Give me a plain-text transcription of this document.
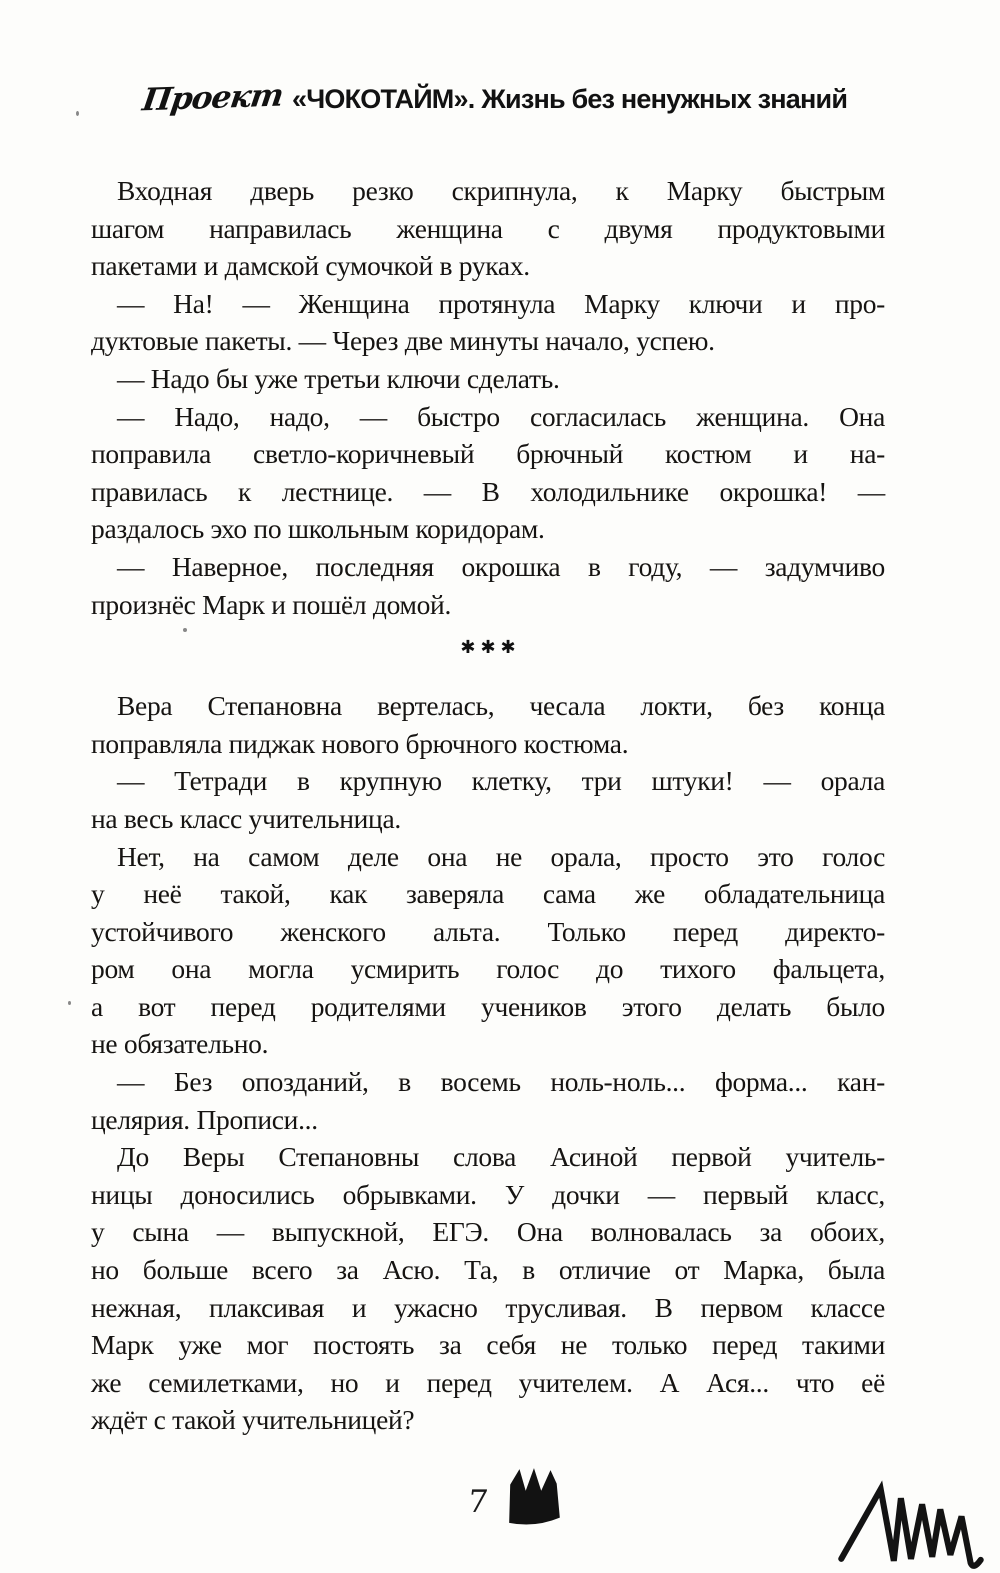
Проект «ЧОКОТАЙМ». Жизнь без ненужных знаний
Входная дверь резко скрипнула, к Марку быстрым
шагом направилась женщина с двумя продуктовыми
пакетами и дамской сумочкой в руках.
— На! — Женщина протянула Марку ключи и про-
дуктовые пакеты. — Через две минуты начало, успею.
— Надо бы уже третьи ключи сделать.
— Надо, надо, — быстро согласилась женщина. Она
поправила светло-коричневый брючный костюм и на-
правилась к лестнице. — В холодильнике окрошка! —
раздалось эхо по школьным коридорам.
— Наверное, последняя окрошка в году, — задумчиво
произнёс Марк и пошёл домой.
✱✱✱
Вера Степановна вертелась, чесала локти, без конца
поправляла пиджак нового брючного костюма.
— Тетради в крупную клетку, три штуки! — орала
на весь класс учительница.
Нет, на самом деле она не орала, просто это голос
у неё такой, как заверяла сама же обладательница
устойчивого женского альта. Только перед директо-
ром она могла усмирить голос до тихого фальцета,
а вот перед родителями учеников этого делать было
не обязательно.
— Без опозданий, в восемь ноль-ноль... форма... кан-
целярия. Прописи...
До Веры Степановны слова Асиной первой учитель-
ницы доносились обрывками. У дочки — первый класс,
у сына — выпускной, ЕГЭ. Она волновалась за обоих,
но больше всего за Асю. Та, в отличие от Марка, была
нежная, плаксивая и ужасно трусливая. В первом классе
Марк уже мог постоять за себя не только перед такими
же семилетками, но и перед учителем. А Ася... что её
ждёт с такой учительницей?
7
